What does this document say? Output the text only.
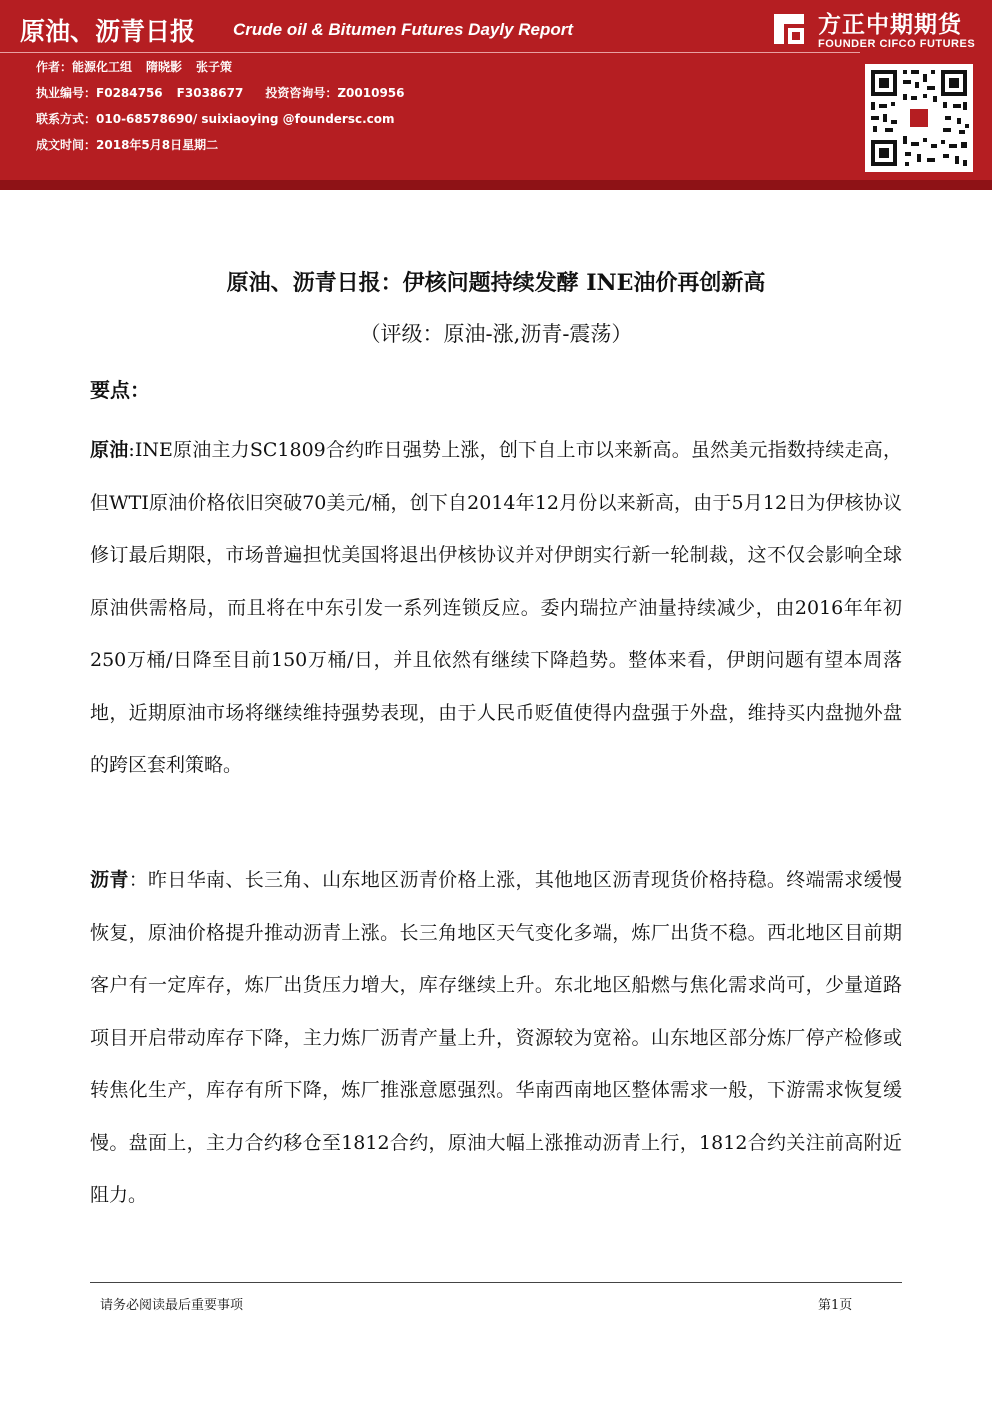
原油、沥青日报 Crude oil & Bitumen Futures Dayly Report
作者：能源化工组 隋晓影 张子策
执业编号：F0284756 F3038677 投资咨询号：Z0010956
联系方式：010-68578690/ suixiaoying @foundersc.com
成文时间：2018年5月8日星期二
方正中期期货
FOUNDER CIFCO FUTURES
原油、沥青日报：伊核问题持续发酵 INE油价再创新高
（评级：原油-涨,沥青-震荡）
要点：

原油:INE原油主力SC1809合约昨日强势上涨，创下自上市以来新高。虽然美元指数持续走高，但WTI原油价格依旧突破70美元/桶，创下自2014年12月份以来新高，由于5月12日为伊核协议修订最后期限，市场普遍担忧美国将退出伊核协议并对伊朗实行新一轮制裁，这不仅会影响全球原油供需格局，而且将在中东引发一系列连锁反应。委内瑞拉产油量持续减少，由2016年年初250万桶/日降至目前150万桶/日，并且依然有继续下降趋势。整体来看，伊朗问题有望本周落地，近期原油市场将继续维持强势表现，由于人民币贬值使得内盘强于外盘，维持买内盘抛外盘的跨区套利策略。

沥青：昨日华南、长三角、山东地区沥青价格上涨，其他地区沥青现货价格持稳。终端需求缓慢恢复，原油价格提升推动沥青上涨。长三角地区天气变化多端，炼厂出货不稳。西北地区目前期客户有一定库存，炼厂出货压力增大，库存继续上升。东北地区船燃与焦化需求尚可，少量道路项目开启带动库存下降，主力炼厂沥青产量上升，资源较为宽裕。山东地区部分炼厂停产检修或转焦化生产，库存有所下降，炼厂推涨意愿强烈。华南西南地区整体需求一般，下游需求恢复缓慢。盘面上，主力合约移仓至1812合约，原油大幅上涨推动沥青上行，1812合约关注前高附近阻力。

请务必阅读最后重要事项	第1页
